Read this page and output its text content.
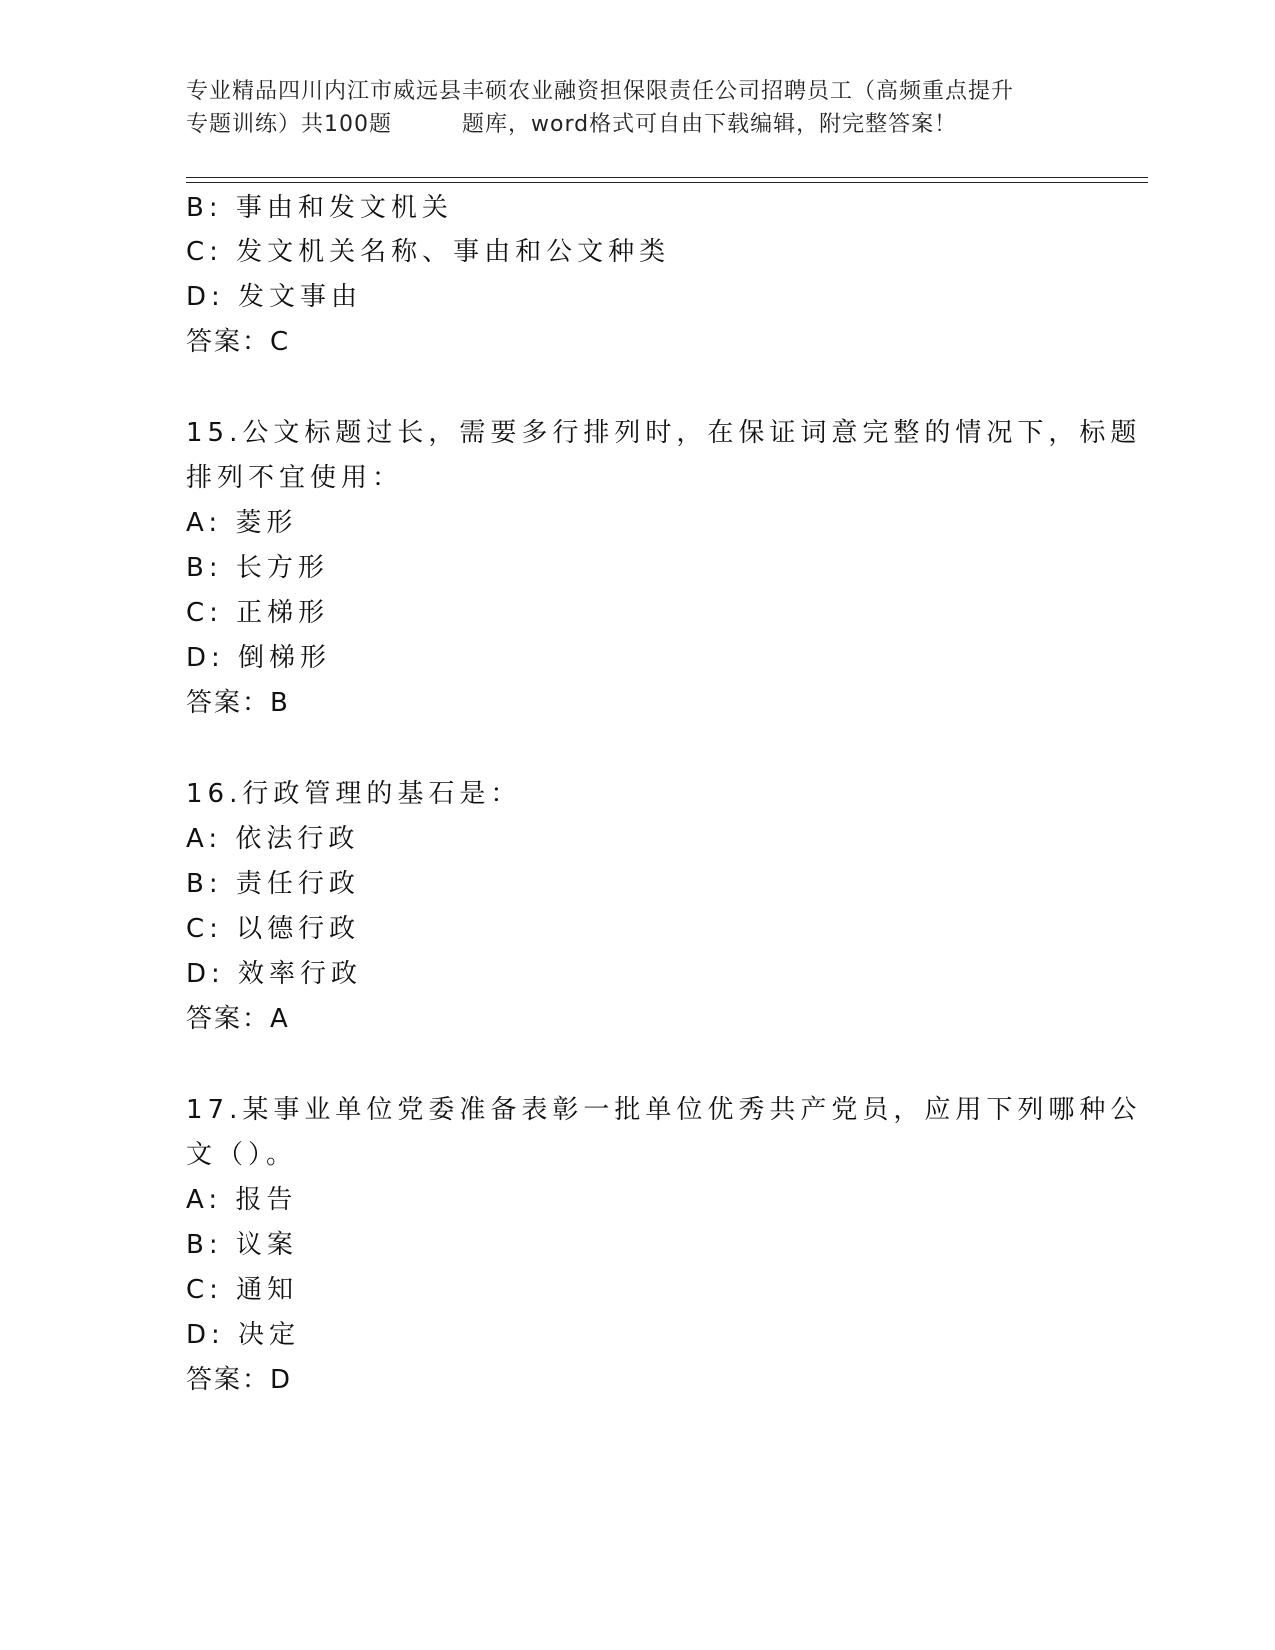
专业精品四川内江市威远县丰硕农业融资担保限责任公司招聘员工（高频重点提升
专题训练）共100题	题库，word格式可自由下载编辑，附完整答案！
B: 事由和发文机关
C: 发文机关名称、事由和公文种类
D: 发文事由
答案：C
15.公文标题过长，需要多行排列时，在保证词意完整的情况下，标题
排列不宜使用：
A: 菱形
B: 长方形
C: 正梯形
D: 倒梯形
答案：B
16.行政管理的基石是：
A: 依法行政
B: 责任行政
C: 以德行政
D: 效率行政
答案：A
17.某事业单位党委准备表彰一批单位优秀共产党员，应用下列哪种公
文（）。
A: 报告
B: 议案
C: 通知
D: 决定
答案：D
